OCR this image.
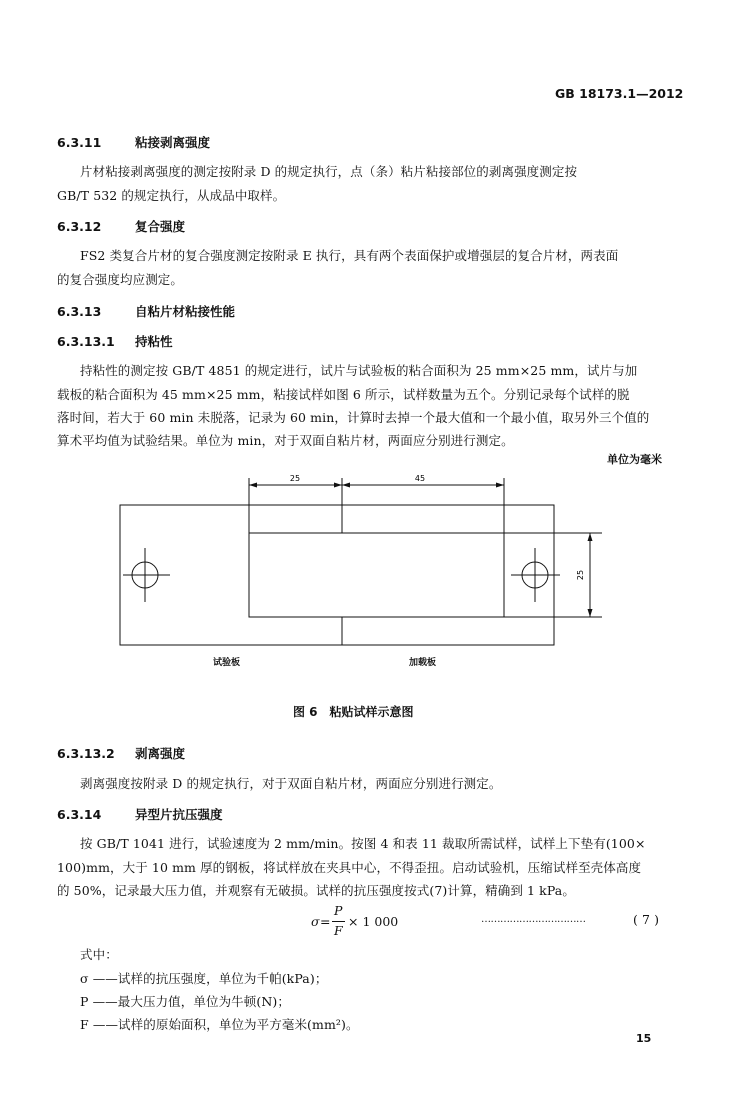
GB 18173.1—2012
6.3.11	粘接剥离强度
片材粘接剥离强度的测定按附录 D 的规定执行，点（条）粘片粘接部位的剥离强度测定按
GB/T 532 的规定执行，从成品中取样。
6.3.12	复合强度
FS2 类复合片材的复合强度测定按附录 E 执行，具有两个表面保护或增强层的复合片材，两表面
的复合强度均应测定。
6.3.13	自粘片材粘接性能
6.3.13.1 持粘性
持粘性的测定按 GB/T 4851 的规定进行，试片与试验板的粘合面积为 25 mm×25 mm，试片与加
载板的粘合面积为 45 mm×25 mm，粘接试样如图 6 所示，试样数量为五个。分别记录每个试样的脱
落时间，若大于 60 min 未脱落，记录为 60 min，计算时去掉一个最大值和一个最小值，取另外三个值的
算术平均值为试验结果。单位为 min，对于双面自粘片材，两面应分别进行测定。
单位为毫米
25	45
25
试验板	加载板
图 6　粘贴试样示意图
6.3.13.2 剥离强度
剥离强度按附录 D 的规定执行，对于双面自粘片材，两面应分别进行测定。
6.3.14	异型片抗压强度
按 GB/T 1041 进行，试验速度为 2 mm/min。按图 4 和表 11 裁取所需试样，试样上下垫有(100×
100)mm，大于 10 mm 厚的钢板，将试样放在夹具中心，不得歪扭。启动试验机，压缩试样至壳体高度
的 50%，记录最大压力值，并观察有无破损。试样的抗压强度按式(7)计算，精确到 1 kPa。
σ =
P
F
× 1 000	……………………………	( 7 )
式中：
σ ——试样的抗压强度，单位为千帕(kPa)；
P ——最大压力值，单位为牛顿(N)；
F ——试样的原始面积，单位为平方毫米(mm²)。
15
